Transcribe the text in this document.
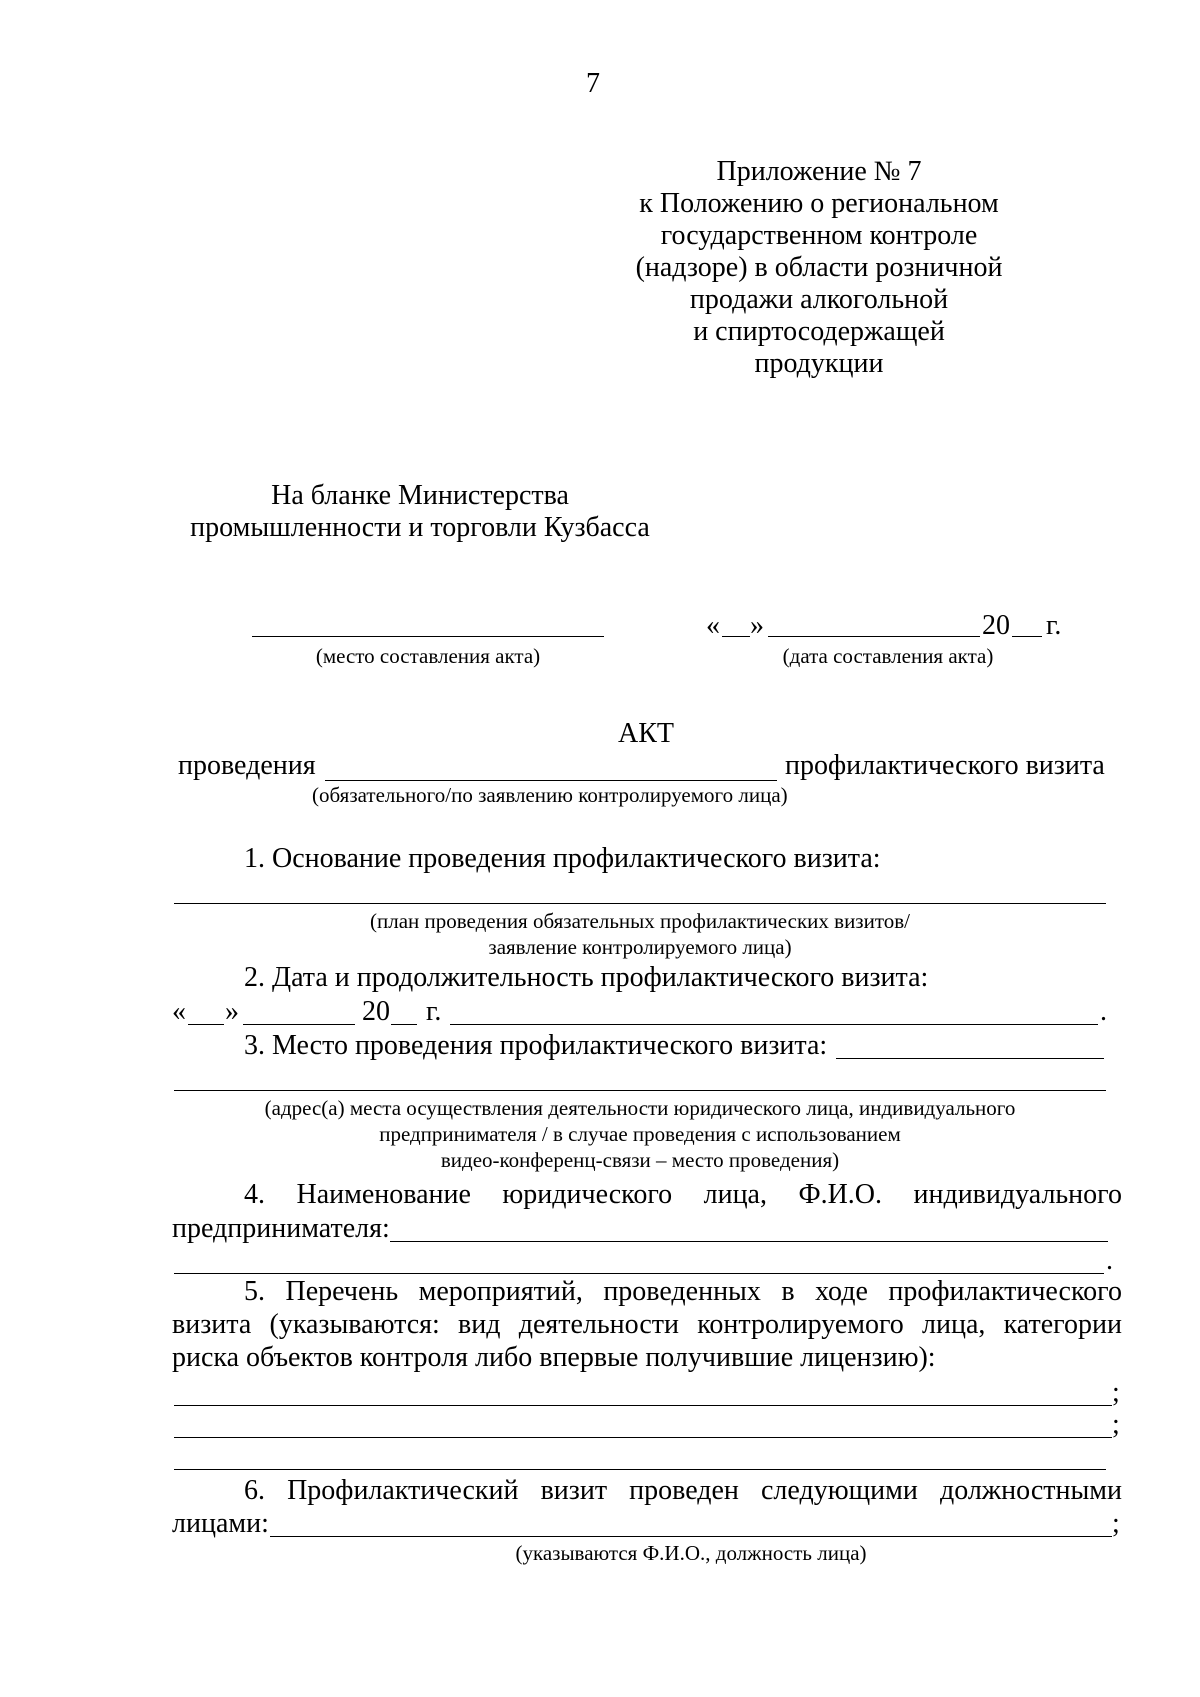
7
Приложение № 7
к Положению о региональном
государственном контроле
(надзоре) в области розничной
продажи алкогольной
и спиртосодержащей
продукции
На бланке Министерства
промышленности и торговли Кузбасса
(место составления акта)
« »	20 г.
(дата составления акта)
АКТ
проведения	профилактического визита
(обязательного/по заявлению контролируемого лица)
1. Основание проведения профилактического визита:
(план проведения обязательных профилактических визитов/
заявление контролируемого лица)
2. Дата и продолжительность профилактического визита:
« »	20 г.	.
3. Место проведения профилактического визита:
(адрес(а) места осуществления деятельности юридического лица, индивидуального
предпринимателя / в случае проведения с использованием
видео-конференц-связи – место проведения)
4. Наименование юридического лица, Ф.И.О. индивидуального
предпринимателя:
.
5. Перечень мероприятий, проведенных в ходе профилактического
визита (указываются: вид деятельности контролируемого лица, категории
риска объектов контроля либо впервые получившие лицензию):
;
;
6. Профилактический визит проведен следующими должностными
лицами:	;
(указываются Ф.И.О., должность лица)
